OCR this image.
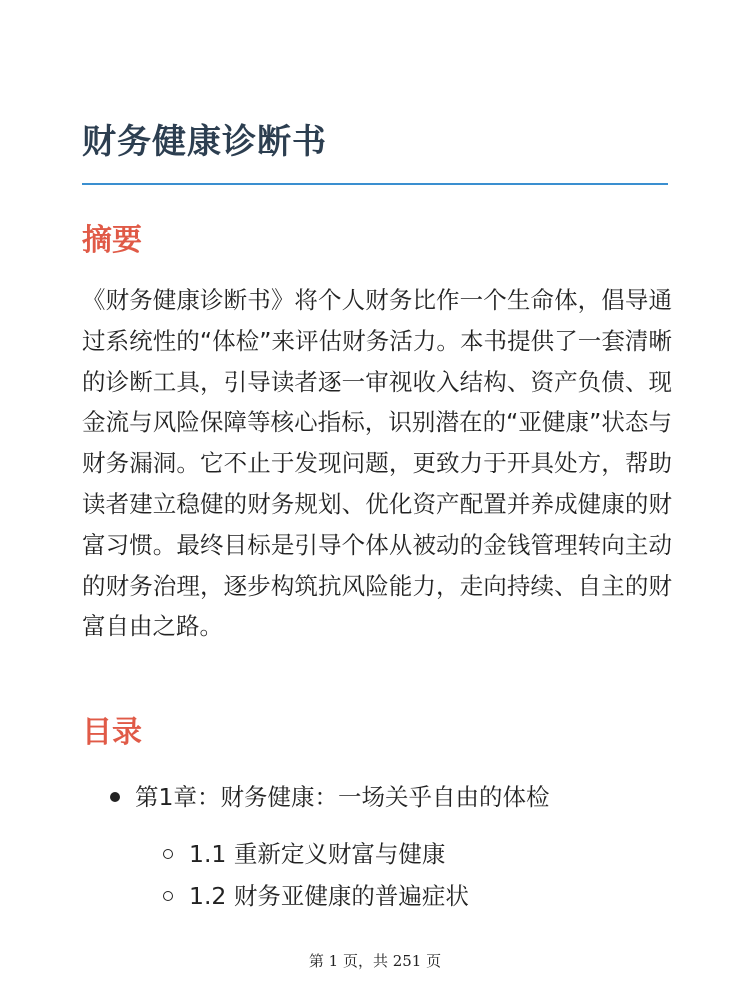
财务健康诊断书
摘要

《财务健康诊断书》将个人财务比作一个生命体，倡导通过系统性的“体检”来评估财务活力。本书提供了一套清晰的诊断工具，引导读者逐一审视收入结构、资产负债、现金流与风险保障等核心指标，识别潜在的“亚健康”状态与财务漏洞。它不止于发现问题，更致力于开具处方，帮助读者建立稳健的财务规划、优化资产配置并养成健康的财富习惯。最终目标是引导个体从被动的金钱管理转向主动的财务治理，逐步构筑抗风险能力，走向持续、自主的财富自由之路。

目录
第1章：财务健康：一场关乎自由的体检
1.1 重新定义财富与健康
1.2 财务亚健康的普遍症状
第 1 页，共 251 页
